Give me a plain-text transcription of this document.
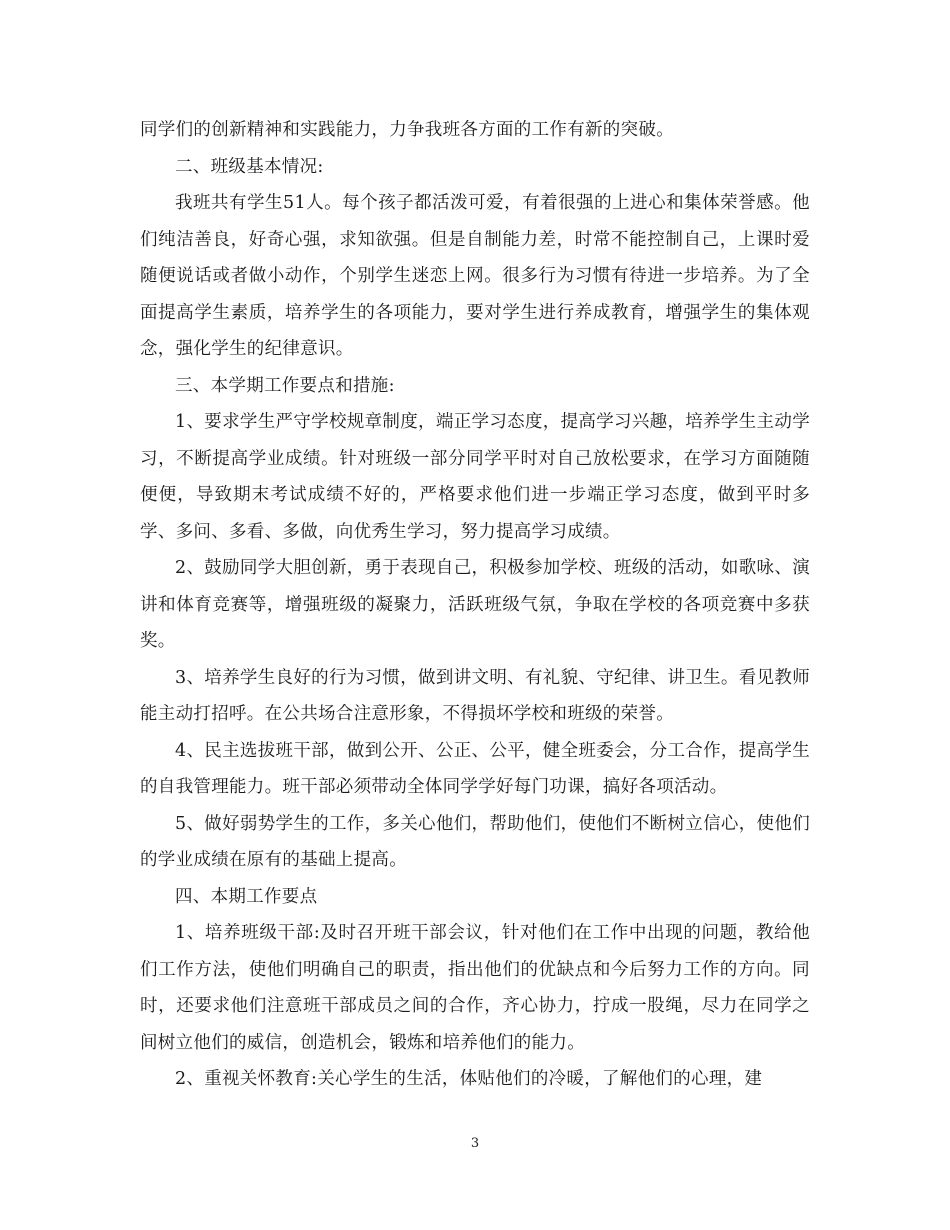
同学们的创新精神和实践能力，力争我班各方面的工作有新的突破。

二、班级基本情况:

我班共有学生51人。每个孩子都活泼可爱，有着很强的上进心和集体荣誉感。他们纯洁善良，好奇心强，求知欲强。但是自制能力差，时常不能控制自己，上课时爱随便说话或者做小动作，个别学生迷恋上网。很多行为习惯有待进一步培养。为了全面提高学生素质，培养学生的各项能力，要对学生进行养成教育，增强学生的集体观念，强化学生的纪律意识。

三、本学期工作要点和措施:

1、要求学生严守学校规章制度，端正学习态度，提高学习兴趣，培养学生主动学习，不断提高学业成绩。针对班级一部分同学平时对自己放松要求，在学习方面随随便便，导致期末考试成绩不好的，严格要求他们进一步端正学习态度，做到平时多学、多问、多看、多做，向优秀生学习，努力提高学习成绩。

2、鼓励同学大胆创新，勇于表现自己，积极参加学校、班级的活动，如歌咏、演讲和体育竞赛等，增强班级的凝聚力，活跃班级气氛，争取在学校的各项竞赛中多获奖。

3、培养学生良好的行为习惯，做到讲文明、有礼貌、守纪律、讲卫生。看见教师能主动打招呼。在公共场合注意形象，不得损坏学校和班级的荣誉。

4、民主选拔班干部，做到公开、公正、公平，健全班委会，分工合作，提高学生的自我管理能力。班干部必须带动全体同学学好每门功课，搞好各项活动。

5、做好弱势学生的工作，多关心他们，帮助他们，使他们不断树立信心，使他们的学业成绩在原有的基础上提高。

四、本期工作要点

1、培养班级干部:及时召开班干部会议，针对他们在工作中出现的问题，教给他们工作方法，使他们明确自己的职责，指出他们的优缺点和今后努力工作的方向。同时，还要求他们注意班干部成员之间的合作，齐心协力，拧成一股绳，尽力在同学之间树立他们的威信，创造机会，锻炼和培养他们的能力。

2、重视关怀教育:关心学生的生活，体贴他们的冷暖，了解他们的心理，建

3
